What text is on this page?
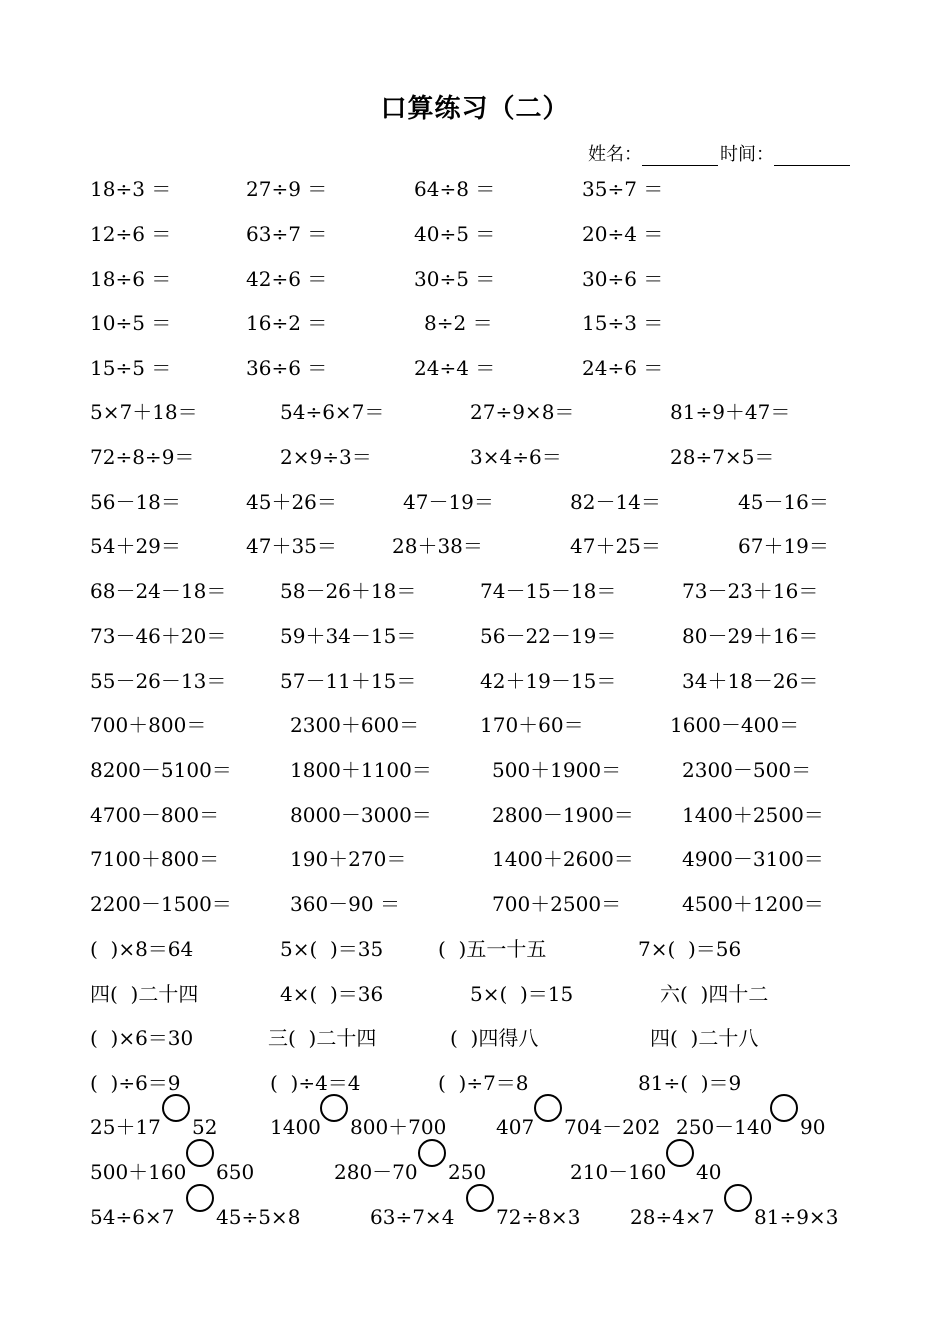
口算练习（二）
姓名：	时间：
18÷3 ＝	27÷9 ＝	64÷8 ＝	35÷7 ＝
12÷6 ＝	63÷7 ＝	40÷5 ＝	20÷4 ＝
18÷6 ＝	42÷6 ＝	30÷5 ＝	30÷6 ＝
10÷5 ＝	16÷2 ＝	8÷2 ＝	15÷3 ＝
15÷5 ＝	36÷6 ＝	24÷4 ＝	24÷6 ＝
5×7＋18＝	54÷6×7＝	27÷9×8＝	81÷9＋47＝
72÷8÷9＝	2×9÷3＝	3×4÷6＝	28÷7×5＝
56－18＝	45＋26＝	47－19＝	82－14＝	45－16＝
54＋29＝	47＋35＝	28＋38＝	47＋25＝	67＋19＝
68－24－18＝	58－26＋18＝	74－15－18＝	73－23＋16＝
73－46＋20＝	59＋34－15＝	56－22－19＝	80－29＋16＝
55－26－13＝	57－11＋15＝	42＋19－15＝	34＋18－26＝
700＋800＝	2300＋600＝	170＋60＝	1600－400＝
8200－5100＝	1800＋1100＝	500＋1900＝	2300－500＝
4700－800＝	8000－3000＝	2800－1900＝ 1400＋2500＝
7100＋800＝	190＋270＝	1400＋2600＝ 4900－3100＝
2200－1500＝	360－90 ＝	700＋2500＝	4500＋1200＝
(  )×8＝64	5×(  )＝35	(  )五一十五	7×(  )＝56
四(  )二十四	4×(  )＝36	5×(  )＝15	六(  )四十二
(  )×6＝30	三(  )二十四	(  )四得八	四(  )二十八
(  )÷6＝9	(  )÷4＝4	(  )÷7＝8	81÷(  )＝9
25＋17 52	1400 800＋700 407 704－202 250－140 90
500＋160 650	280－70 250	210－160 40
54÷6×7 45÷5×8	63÷7×4 72÷8×3 28÷4×7 81÷9×3
